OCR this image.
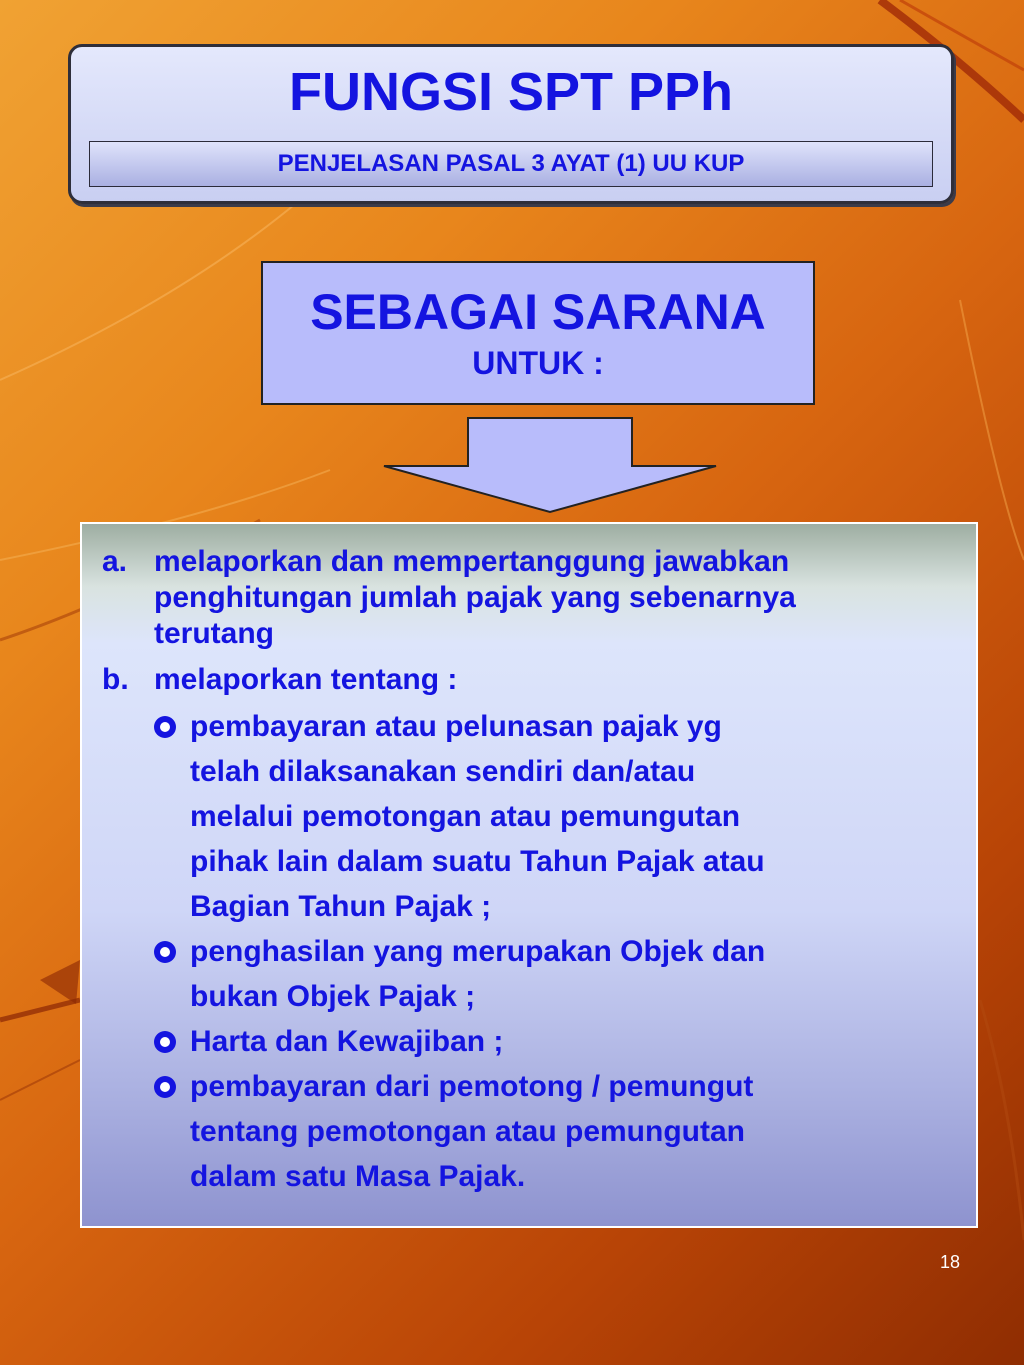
FUNGSI SPT PPh
PENJELASAN PASAL 3 AYAT (1) UU KUP
SEBAGAI SARANA
UNTUK :
a. melaporkan dan mempertanggung jawabkan
penghitungan jumlah pajak yang sebenarnya
terutang
b. melaporkan tentang :
pembayaran atau pelunasan pajak yg
telah dilaksanakan sendiri dan/atau
melalui pemotongan atau pemungutan
pihak lain dalam suatu Tahun Pajak atau
Bagian Tahun Pajak ;
penghasilan yang merupakan Objek dan
bukan Objek Pajak ;
Harta dan Kewajiban ;
pembayaran dari pemotong / pemungut
tentang pemotongan atau pemungutan
dalam satu Masa Pajak.
18
